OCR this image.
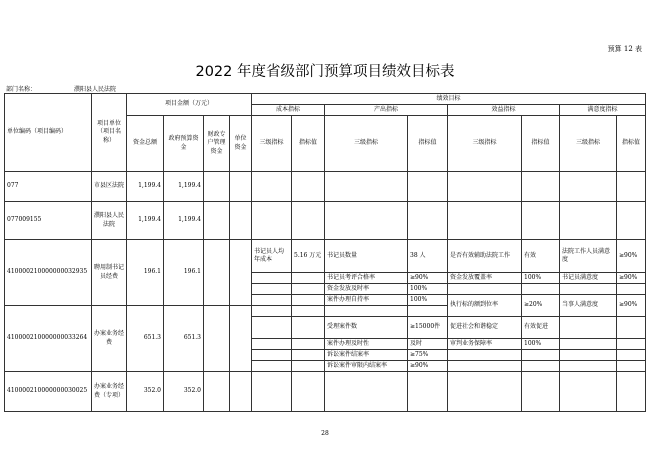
预算 12 表
2022 年度省级部门预算项目绩效目标表
部门名称：	濮阳县人民法院
单位编码（项目编码）	项目单位（项目名称）	项目金额（万元）				绩效目标							
						成本指标		产出指标		效益指标		满意度指标	
		资金总额	政府预算资金	财政专户管理资金	单位资金	三级指标	指标值	三级指标	指标值	三级指标	指标值	三级指标	指标值
077	市县区法院	1,199.4	1,199.4										
077009155	濮阳县人民法院	1,199.4	1,199.4										
410000210000000032935	聘用制书记员经费	196.1	196.1			书记员人均年成本	5.16 万元	书记员数量	38 人	是否有效辅助法院工作	有效	法院工作人员满意度	≥90%
								书记员考评合格率	≥90%	资金发放覆盖率	100%	书记员满意度	≥90%
								资金发放及时率	100%				
								案件办理自持率	100%	执行标的额到位率	≥20%	当事人满意度	≥90%
410000210000000033264	办案业务经费	651.3	651.3										
								受理案件数	≥15000件	促进社会和谐稳定	有效促进		
								案件办理及时性	及时	审判业务保障率	100%		
								诉讼案件结案率	≥75%				
								诉讼案件审限内结案率	≥90%				
410000210000000030025	办案业务经费（专项）	352.0	352.0										
28
